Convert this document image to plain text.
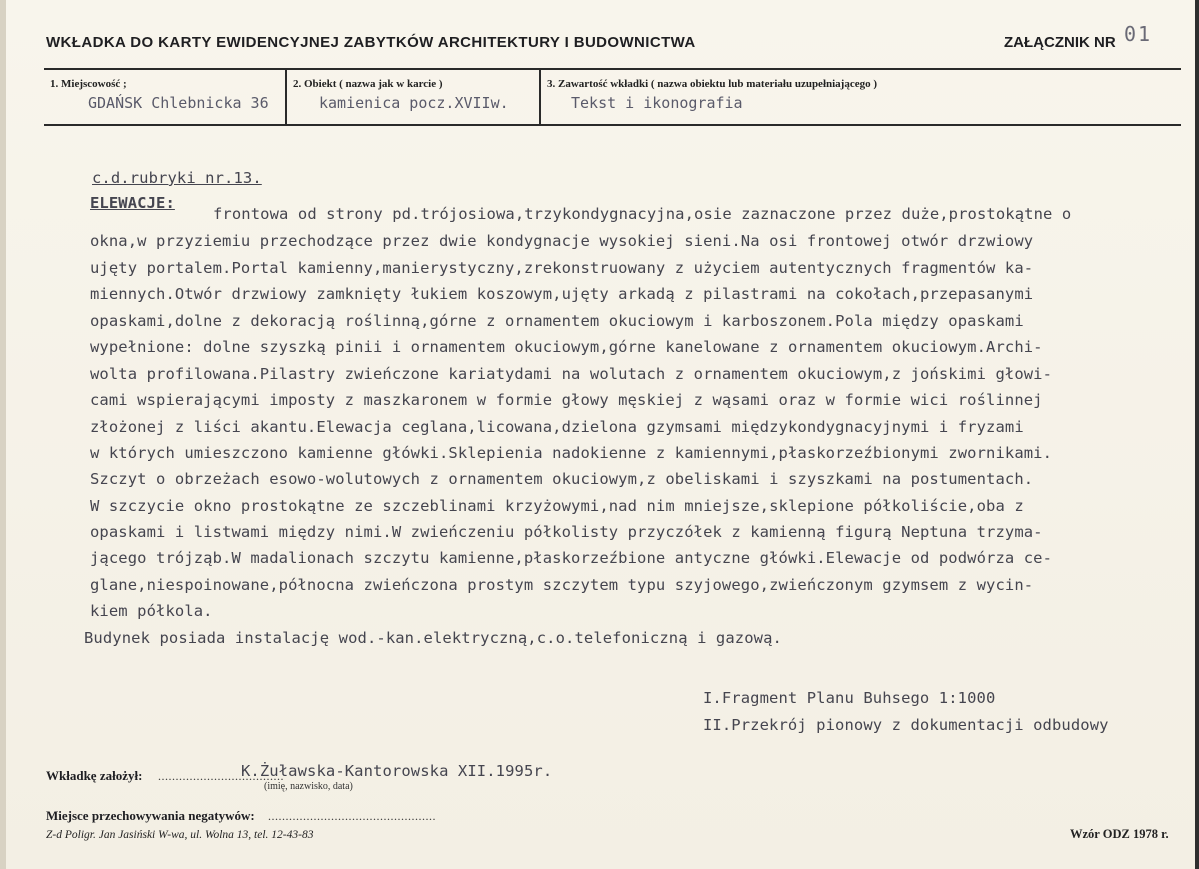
WKŁADKA DO KARTY EWIDENCYJNEJ ZABYTKÓW ARCHITEKTURY I BUDOWNICTWA	ZAŁĄCZNIK NR 01
1. Miejscowość ;
GDAŃSK Chlebnicka 36
2. Obiekt ( nazwa jak w karcie )
kamienica pocz.XVIIw.
3. Zawartość wkładki ( nazwa obiektu lub materiału uzupełniającego )
Tekst i ikonografia
c.d.rubryki nr.13.
ELEWACJE:
frontowa od strony pd.trójosiowa,trzykondygnacyjna,osie zaznaczone przez duże,prostokątne o
okna,w przyziemiu przechodzące przez dwie kondygnacje wysokiej sieni.Na osi frontowej otwór drzwiowy
ujęty portalem.Portal kamienny,manierystyczny,zrekonstruowany z użyciem autentycznych fragmentów ka-
miennych.Otwór drzwiowy zamknięty łukiem koszowym,ujęty arkadą z pilastrami na cokołach,przepasanymi
opaskami,dolne z dekoracją roślinną,górne z ornamentem okuciowym i karboszonem.Pola między opaskami
wypełnione: dolne szyszką pinii i ornamentem okuciowym,górne kanelowane z ornamentem okuciowym.Archi-
wolta profilowana.Pilastry zwieńczone kariatydami na wolutach z ornamentem okuciowym,z jońskimi głowi-
cami wspierającymi imposty z maszkaronem w formie głowy męskiej z wąsami oraz w formie wici roślinnej
złożonej z liści akantu.Elewacja ceglana,licowana,dzielona gzymsami międzykondygnacyjnymi i fryzami
w których umieszczono kamienne główki.Sklepienia nadokienne z kamiennymi,płaskorzeźbionymi zwornikami.
Szczyt o obrzeżach esowo-wolutowych z ornamentem okuciowym,z obeliskami i szyszkami na postumentach.
W szczycie okno prostokątne ze szczeblinami krzyżowymi,nad nim mniejsze,sklepione półkoliście,oba z
opaskami i listwami między nimi.W zwieńczeniu półkolisty przyczółek z kamienną figurą Neptuna trzyma-
jącego trójząb.W madalionach szczytu kamienne,płaskorzeźbione antyczne główki.Elewacje od podwórza ce-
glane,niespoinowane,północna zwieńczona prostym szczytem typu szyjowego,zwieńczonym gzymsem z wycin-
kiem półkola.
Budynek posiada instalację wod.-kan.elektryczną,c.o.telefoniczną i gazową.
I.Fragment Planu Buhsego 1:1000
II.Przekrój pionowy z dokumentacji odbudowy
Wkładkę założył: ....................................
K.Żuławska-Kantorowska XII.1995r.
(imię, nazwisko, data)
Miejsce przechowywania negatywów: ................................................
Z-d Poligr. Jan Jasiński W-wa, ul. Wolna 13, tel. 12-43-83	Wzór ODZ 1978 r.
